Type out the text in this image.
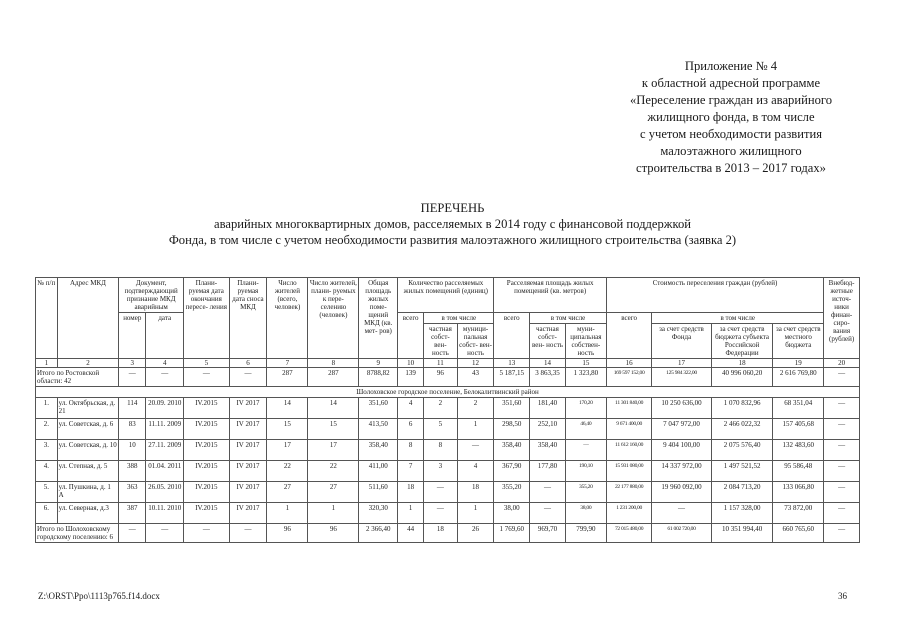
Приложение № 4
к областной адресной программе
«Переселение граждан из аварийного
жилищного фонда, в том числе
с учетом необходимости развития
малоэтажного жилищного
строительства в 2013 – 2017 годах»
ПЕРЕЧЕНЬ
аварийных многоквартирных домов, расселяемых в 2014 году с финансовой поддержкой
Фонда, в том числе с учетом необходимости развития малоэтажного жилищного строительства (заявка 2)
№ п/п	Адрес МКД	Документ, подтверждающий признание МКД аварийным		Плани- руемая дата окончания пересе- ления	Плани- руемая дата сноса МКД	Число жителей (всего, человек)	Число жителей, плани- руемых к пере- селению (человек)	Общая площадь жилых поме- щений МКД (кв. мет- ров)	Количество расселяемых жилых помещений (единиц)			Расселяемая площадь жилых помещений (кв. метров)			Стоимость переселения граждан (рублей)				Внебюд- жетные источ- ники финан- сиро- вания (рублей)
		номер	дата						всего	в том числе		всего	в том числе		всего	в том числе			
										частная собст- вен- ность	муници- пальная собст- вен- ность		частная собст- вен- ность	муни- ципальная собствен- ность		за счет средств Фонда	за счет средств бюджета субъекта Российской Федерации	за счет средств местного бюджета	
1	2	3	4	5	6	7	8	9	10	11	12	13	14	15	16	17	18	19	20
Итого по Ростовской области: 42		—	—	—	—	287	287	8788,82	139	96	43	5 187,15	3 863,35	1 323,80	169 597 152,00	125 984 322,00	40 996 060,20	2 616 769,80	—
Шолоховское городское поселение, Белокалитвинский район																			
1.	ул. Октябрьская, д. 21	114	20.09. 2010	IV.2015	IV 2017	14	14	351,60	4	2	2	351,60	181,40	170,20	11 301 840,00	10 250 636,00	1 070 832,96	68 351,04	—
2.	ул. Советская, д. 6	83	11.11. 2009	IV.2015	IV 2017	15	15	413,50	6	5	1	298,50	252,10	46,40	9 671 400,00	7 047 972,00	2 466 022,32	157 405,68	—
3.	ул. Советская, д. 10	10	27.11. 2009	IV.2015	IV 2017	17	17	358,40	8	8	—	358,40	358,40	—	11 612 160,00	9 404 100,00	2 075 576,40	132 483,60	—
4.	ул. Степная, д. 5	388	01.04. 2011	IV.2015	IV 2017	22	22	411,00	7	3	4	367,90	177,80	190,10	15 931 080,00	14 337 972,00	1 497 521,52	95 586,48	—
5.	ул. Пушкина, д. 1 А	363	26.05. 2010	IV.2015	IV 2017	27	27	511,60	18	—	18	355,20	—	355,20	22 177 880,00	19 960 092,00	2 084 713,20	133 066,80	—
6.	ул. Северная, д.3	387	10.11. 2010	IV.2015	IV 2017	1	1	320,30	1	—	1	38,00	—	38,00	1 231 200,00	—	1 157 328,00	73 872,00	—
Итого по Шолоховскому городскому поселению: 6		—	—	—	—	96	96	2 366,40	44	18	26	1 769,60	969,70	799,90	72 015 480,00	61 002 720,00	10 351 994,40	660 765,60	—
Z:\ORST\Ppo\1113p765.f14.docx	36
